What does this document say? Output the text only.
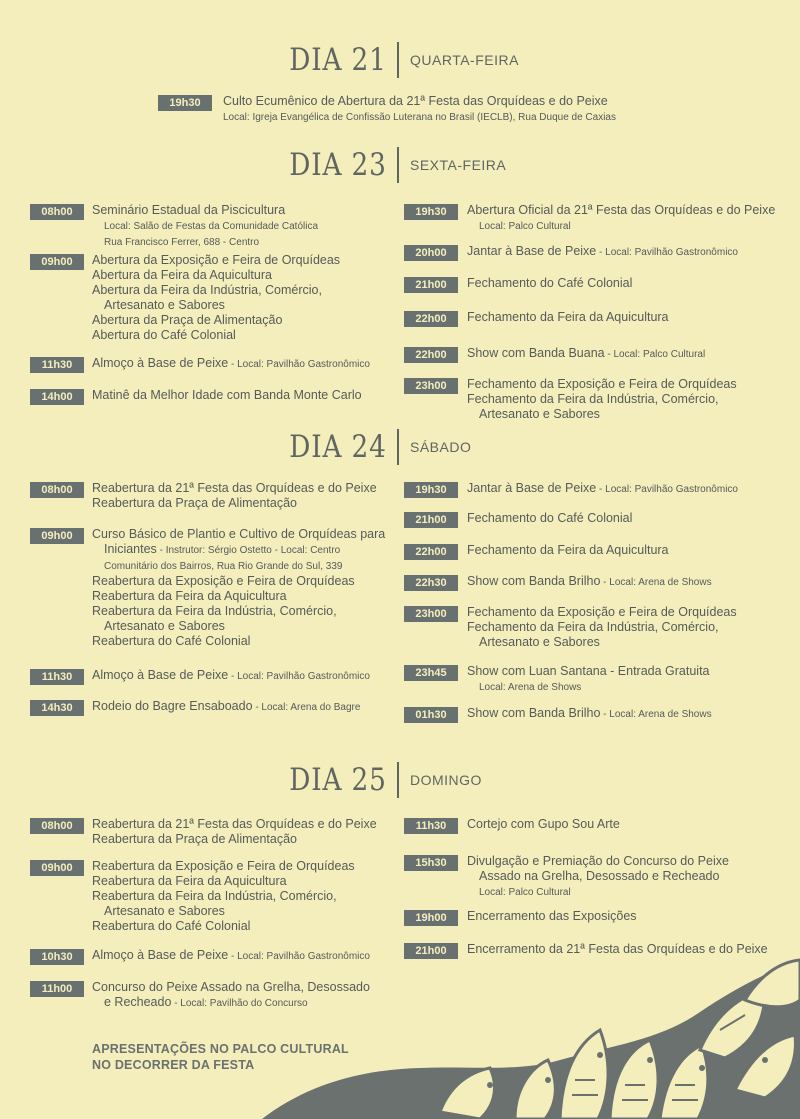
DIA 21 QUARTA-FEIRA
19h30	Culto Ecumênico de Abertura da 21ª Festa das Orquídeas e do Peixe
Local: Igreja Evangélica de Confissão Luterana no Brasil (IECLB), Rua Duque de Caxias
DIA 23 SEXTA-FEIRA
08h00	Seminário Estadual da Piscicultura
Local: Salão de Festas da Comunidade Católica
Rua Francisco Ferrer, 688 - Centro
09h00	Abertura da Exposição e Feira de Orquídeas
Abertura da Feira da Aquicultura
Abertura da Feira da Indústria, Comércio,
Artesanato e Sabores
Abertura da Praça de Alimentação
Abertura do Café Colonial
11h30	Almoço à Base de Peixe - Local: Pavilhão Gastronômico
14h00	Matinê da Melhor Idade com Banda Monte Carlo
19h30	Abertura Oficial da 21ª Festa das Orquídeas e do Peixe
Local: Palco Cultural
20h00	Jantar à Base de Peixe - Local: Pavilhão Gastronômico
21h00	Fechamento do Café Colonial
22h00	Fechamento da Feira da Aquicultura
22h00	Show com Banda Buana - Local: Palco Cultural
23h00	Fechamento da Exposição e Feira de Orquídeas
Fechamento da Feira da Indústria, Comércio,
Artesanato e Sabores
DIA 24 SÁBADO
08h00	Reabertura da 21ª Festa das Orquídeas e do Peixe
Reabertura da Praça de Alimentação
09h00	Curso Básico de Plantio e Cultivo de Orquídeas para
Iniciantes - Instrutor: Sérgio Ostetto - Local: Centro
Comunitário dos Bairros, Rua Rio Grande do Sul, 339
Reabertura da Exposição e Feira de Orquídeas
Reabertura da Feira da Aquicultura
Reabertura da Feira da Indústria, Comércio,
Artesanato e Sabores
Reabertura do Café Colonial
11h30	Almoço à Base de Peixe - Local: Pavilhão Gastronômico
14h30	Rodeio do Bagre Ensaboado - Local: Arena do Bagre
19h30	Jantar à Base de Peixe - Local: Pavilhão Gastronômico
21h00	Fechamento do Café Colonial
22h00	Fechamento da Feira da Aquicultura
22h30	Show com Banda Brilho - Local: Arena de Shows
23h00	Fechamento da Exposição e Feira de Orquídeas
Fechamento da Feira da Indústria, Comércio,
Artesanato e Sabores
23h45	Show com Luan Santana - Entrada Gratuita
Local: Arena de Shows
01h30	Show com Banda Brilho - Local: Arena de Shows
DIA 25 DOMINGO
08h00	Reabertura da 21ª Festa das Orquídeas e do Peixe
Reabertura da Praça de Alimentação
09h00	Reabertura da Exposição e Feira de Orquídeas
Reabertura da Feira da Aquicultura
Reabertura da Feira da Indústria, Comércio,
Artesanato e Sabores
Reabertura do Café Colonial
10h30	Almoço à Base de Peixe - Local: Pavilhão Gastronômico
11h00	Concurso do Peixe Assado na Grelha, Desossado
e Recheado - Local: Pavilhão do Concurso
11h30	Cortejo com Gupo Sou Arte
15h30	Divulgação e Premiação do Concurso do Peixe
Assado na Grelha, Desossado e Recheado
Local: Palco Cultural
19h00	Encerramento das Exposições
21h00	Encerramento da 21ª Festa das Orquídeas e do Peixe
APRESENTAÇÕES NO PALCO CULTURAL
NO DECORRER DA FESTA
